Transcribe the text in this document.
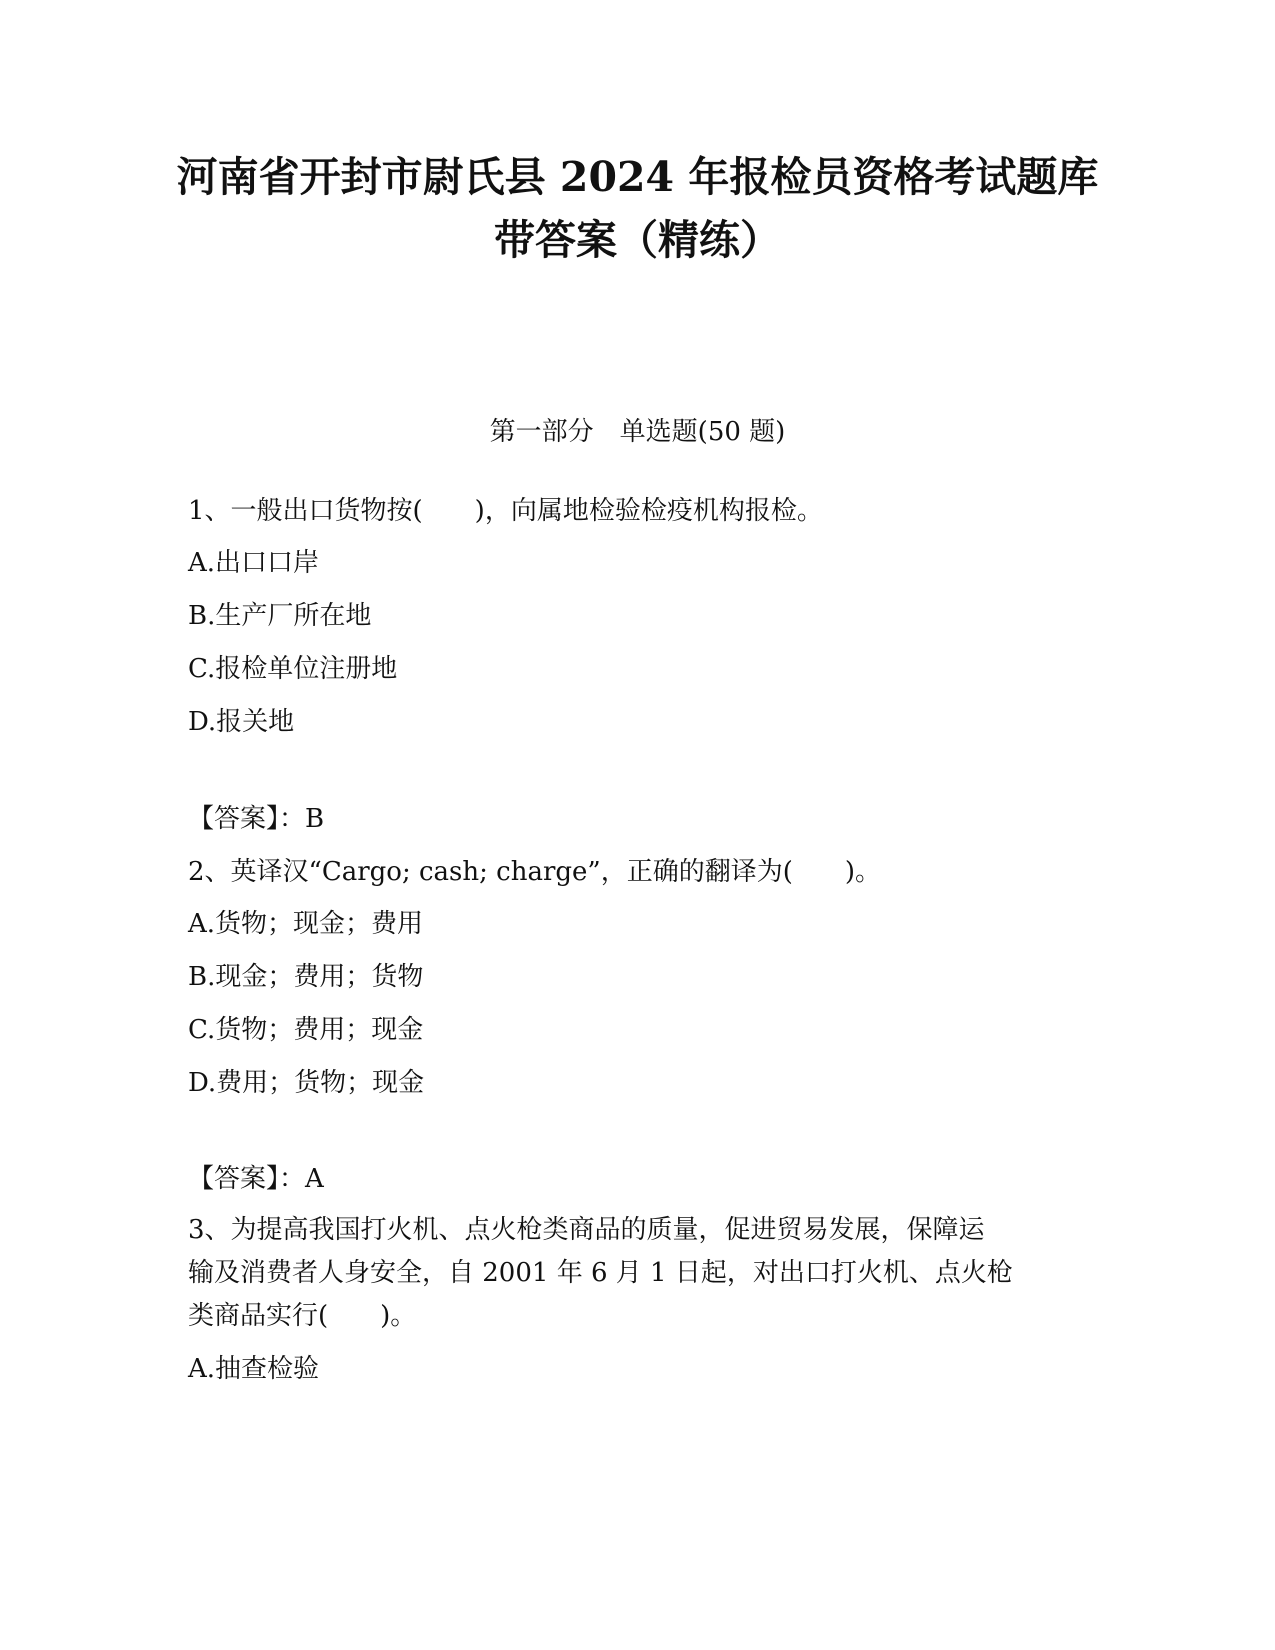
河南省开封市尉氏县 2024 年报检员资格考试题库
带答案（精练）

第一部分　单选题(50 题)

1、一般出口货物按(　　)，向属地检验检疫机构报检。

A.出口口岸

B.生产厂所在地

C.报检单位注册地

D.报关地

【答案】：B

2、英译汉“Cargo; cash; charge”，正确的翻译为(　　)。

A.货物；现金；费用

B.现金；费用；货物

C.货物；费用；现金

D.费用；货物；现金

【答案】：A

3、为提高我国打火机、点火枪类商品的质量，促进贸易发展，保障运

输及消费者人身安全，自 2001 年 6 月 1 日起，对出口打火机、点火枪

类商品实行(　　)。

A.抽查检验
